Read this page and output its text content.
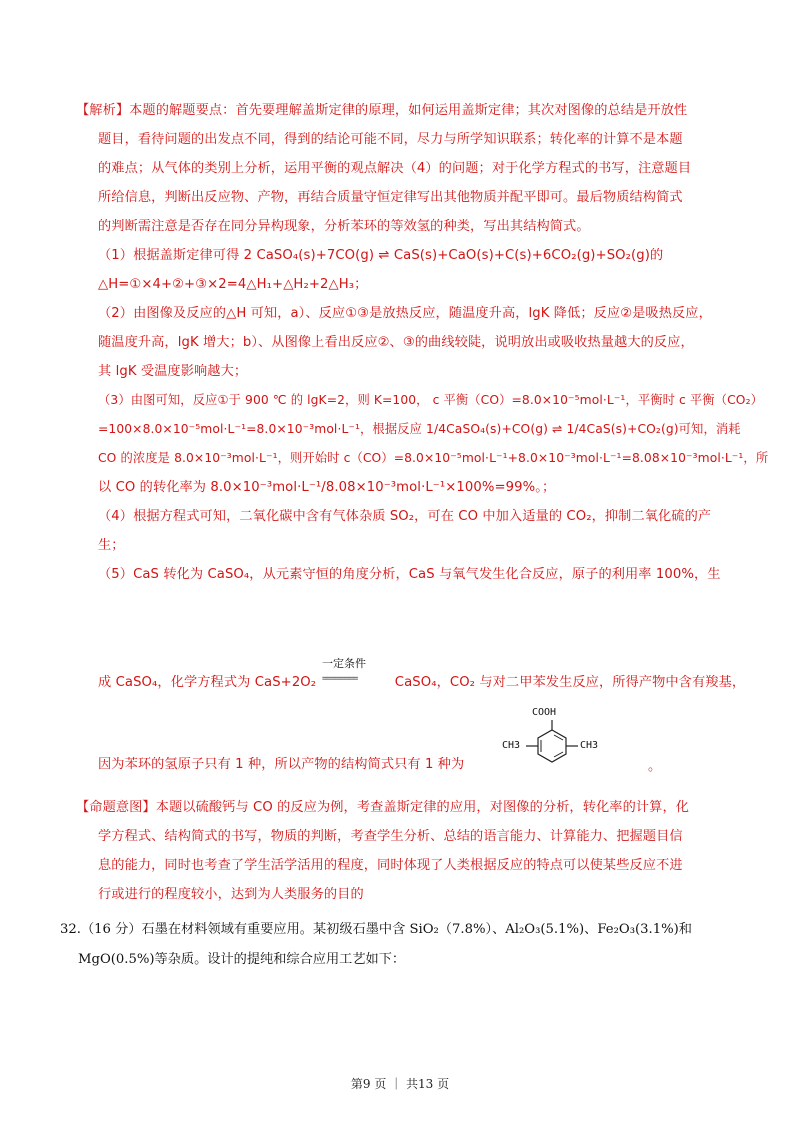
【解析】本题的解题要点：首先要理解盖斯定律的原理，如何运用盖斯定律；其次对图像的总结是开放性

题目，看待问题的出发点不同，得到的结论可能不同，尽力与所学知识联系；转化率的计算不是本题

的难点；从气体的类别上分析，运用平衡的观点解决（4）的问题；对于化学方程式的书写，注意题目

所给信息，判断出反应物、产物，再结合质量守恒定律写出其他物质并配平即可。最后物质结构简式

的判断需注意是否存在同分异构现象，分析苯环的等效氢的种类，写出其结构简式。

（1）根据盖斯定律可得 2 CaSO₄(s)+7CO(g) ⇌ CaS(s)+CaO(s)+C(s)+6CO₂(g)+SO₂(g)的

△H=①×4+②+③×2=4△H₁+△H₂+2△H₃；

（2）由图像及反应的△H 可知，a）、反应①③是放热反应，随温度升高，lgK 降低；反应②是吸热反应，

随温度升高，lgK 增大；b）、从图像上看出反应②、③的曲线较陡，说明放出或吸收热量越大的反应，

其 lgK 受温度影响越大；

（3）由图可知，反应①于 900 ℃ 的 lgK=2，则 K=100， c 平衡（CO）=8.0×10⁻⁵mol·L⁻¹，平衡时 c 平衡（CO₂）

=100×8.0×10⁻⁵mol·L⁻¹=8.0×10⁻³mol·L⁻¹，根据反应 1/4CaSO₄(s)+CO(g) ⇌ 1/4CaS(s)+CO₂(g)可知，消耗

CO 的浓度是 8.0×10⁻³mol·L⁻¹，则开始时 c（CO）=8.0×10⁻⁵mol·L⁻¹+8.0×10⁻³mol·L⁻¹=8.08×10⁻³mol·L⁻¹，所

以 CO 的转化率为 8.0×10⁻³mol·L⁻¹/8.08×10⁻³mol·L⁻¹×100%=99%。；

（4）根据方程式可知，二氧化碳中含有气体杂质 SO₂，可在 CO 中加入适量的 CO₂，抑制二氧化硫的产

生；

（5）CaS 转化为 CaSO₄，从元素守恒的角度分析，CaS 与氧气发生化合反应，原子的利用率 100%，生

成 CaSO₄，化学方程式为 CaS+2O₂	CaSO₄，CO₂ 与对二甲苯发生反应，所得产物中含有羧基，

一定条件
========

因为苯环的氢原子只有 1 种，所以产物的结构简式只有 1 种为

COOH
CH3	CH3
。

【命题意图】本题以硫酸钙与 CO 的反应为例，考查盖斯定律的应用，对图像的分析，转化率的计算，化

学方程式、结构简式的书写，物质的判断，考查学生分析、总结的语言能力、计算能力、把握题目信

息的能力，同时也考查了学生活学活用的程度，同时体现了人类根据反应的特点可以使某些反应不进

行或进行的程度较小，达到为人类服务的目的

32.（16 分）石墨在材料领域有重要应用。某初级石墨中含 SiO₂（7.8%）、Al₂O₃(5.1%)、Fe₂O₃(3.1%)和

MgO(0.5%)等杂质。设计的提纯和综合应用工艺如下：

第9 页 ｜ 共13 页
